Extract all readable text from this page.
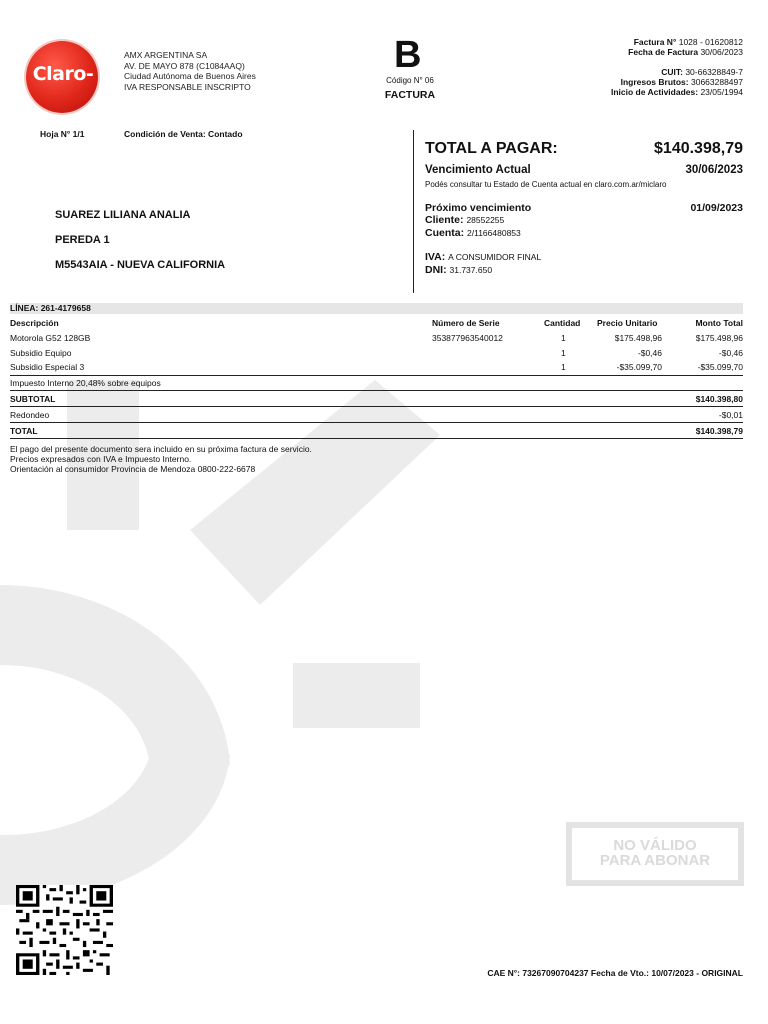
Claro-
AMX ARGENTINA SA
AV. DE MAYO 878 (C1084AAQ)
Ciudad Autónoma de Buenos Aires
IVA RESPONSABLE INSCRIPTO
B
Código N° 06
FACTURA
Factura N° 1028 - 01620812
Fecha de Factura 30/06/2023
CUIT: 30-66328849-7
Ingresos Brutos: 30663288497
Inicio de Actividades: 23/05/1994
Hoja N° 1/1	Condición de Venta: Contado
SUAREZ LILIANA ANALIA
PEREDA 1
M5543AIA - NUEVA CALIFORNIA
TOTAL A PAGAR:	$140.398,79
Vencimiento Actual	30/06/2023
Podés consultar tu Estado de Cuenta actual en claro.com.ar/miclaro
Próximo vencimiento	01/09/2023
Cliente: 28552255
Cuenta: 2/1166480853
IVA: A CONSUMIDOR FINAL
DNI: 31.737.650
LÍNEA: 261-4179658
Descripción	Número de Serie	Cantidad Precio Unitario	Monto Total
Motorola G52 128GB	353877963540012	1	$175.498,96	$175.498,96
Subsidio Equipo	1	-$0,46	-$0,46
Subsidio Especial 3	1	-$35.099,70	-$35.099,70
Impuesto Interno 20,48% sobre equipos
SUBTOTAL	$140.398,80
Redondeo	-$0,01
TOTAL	$140.398,79
El pago del presente documento sera incluido en su próxima factura de servicio.
Precios expresados con IVA e Impuesto Interno.
Orientación al consumidor Provincia de Mendoza 0800-222-6678
NO VÁLIDO
PARA ABONAR
CAE N°: 73267090704237 Fecha de Vto.: 10/07/2023 - ORIGINAL
